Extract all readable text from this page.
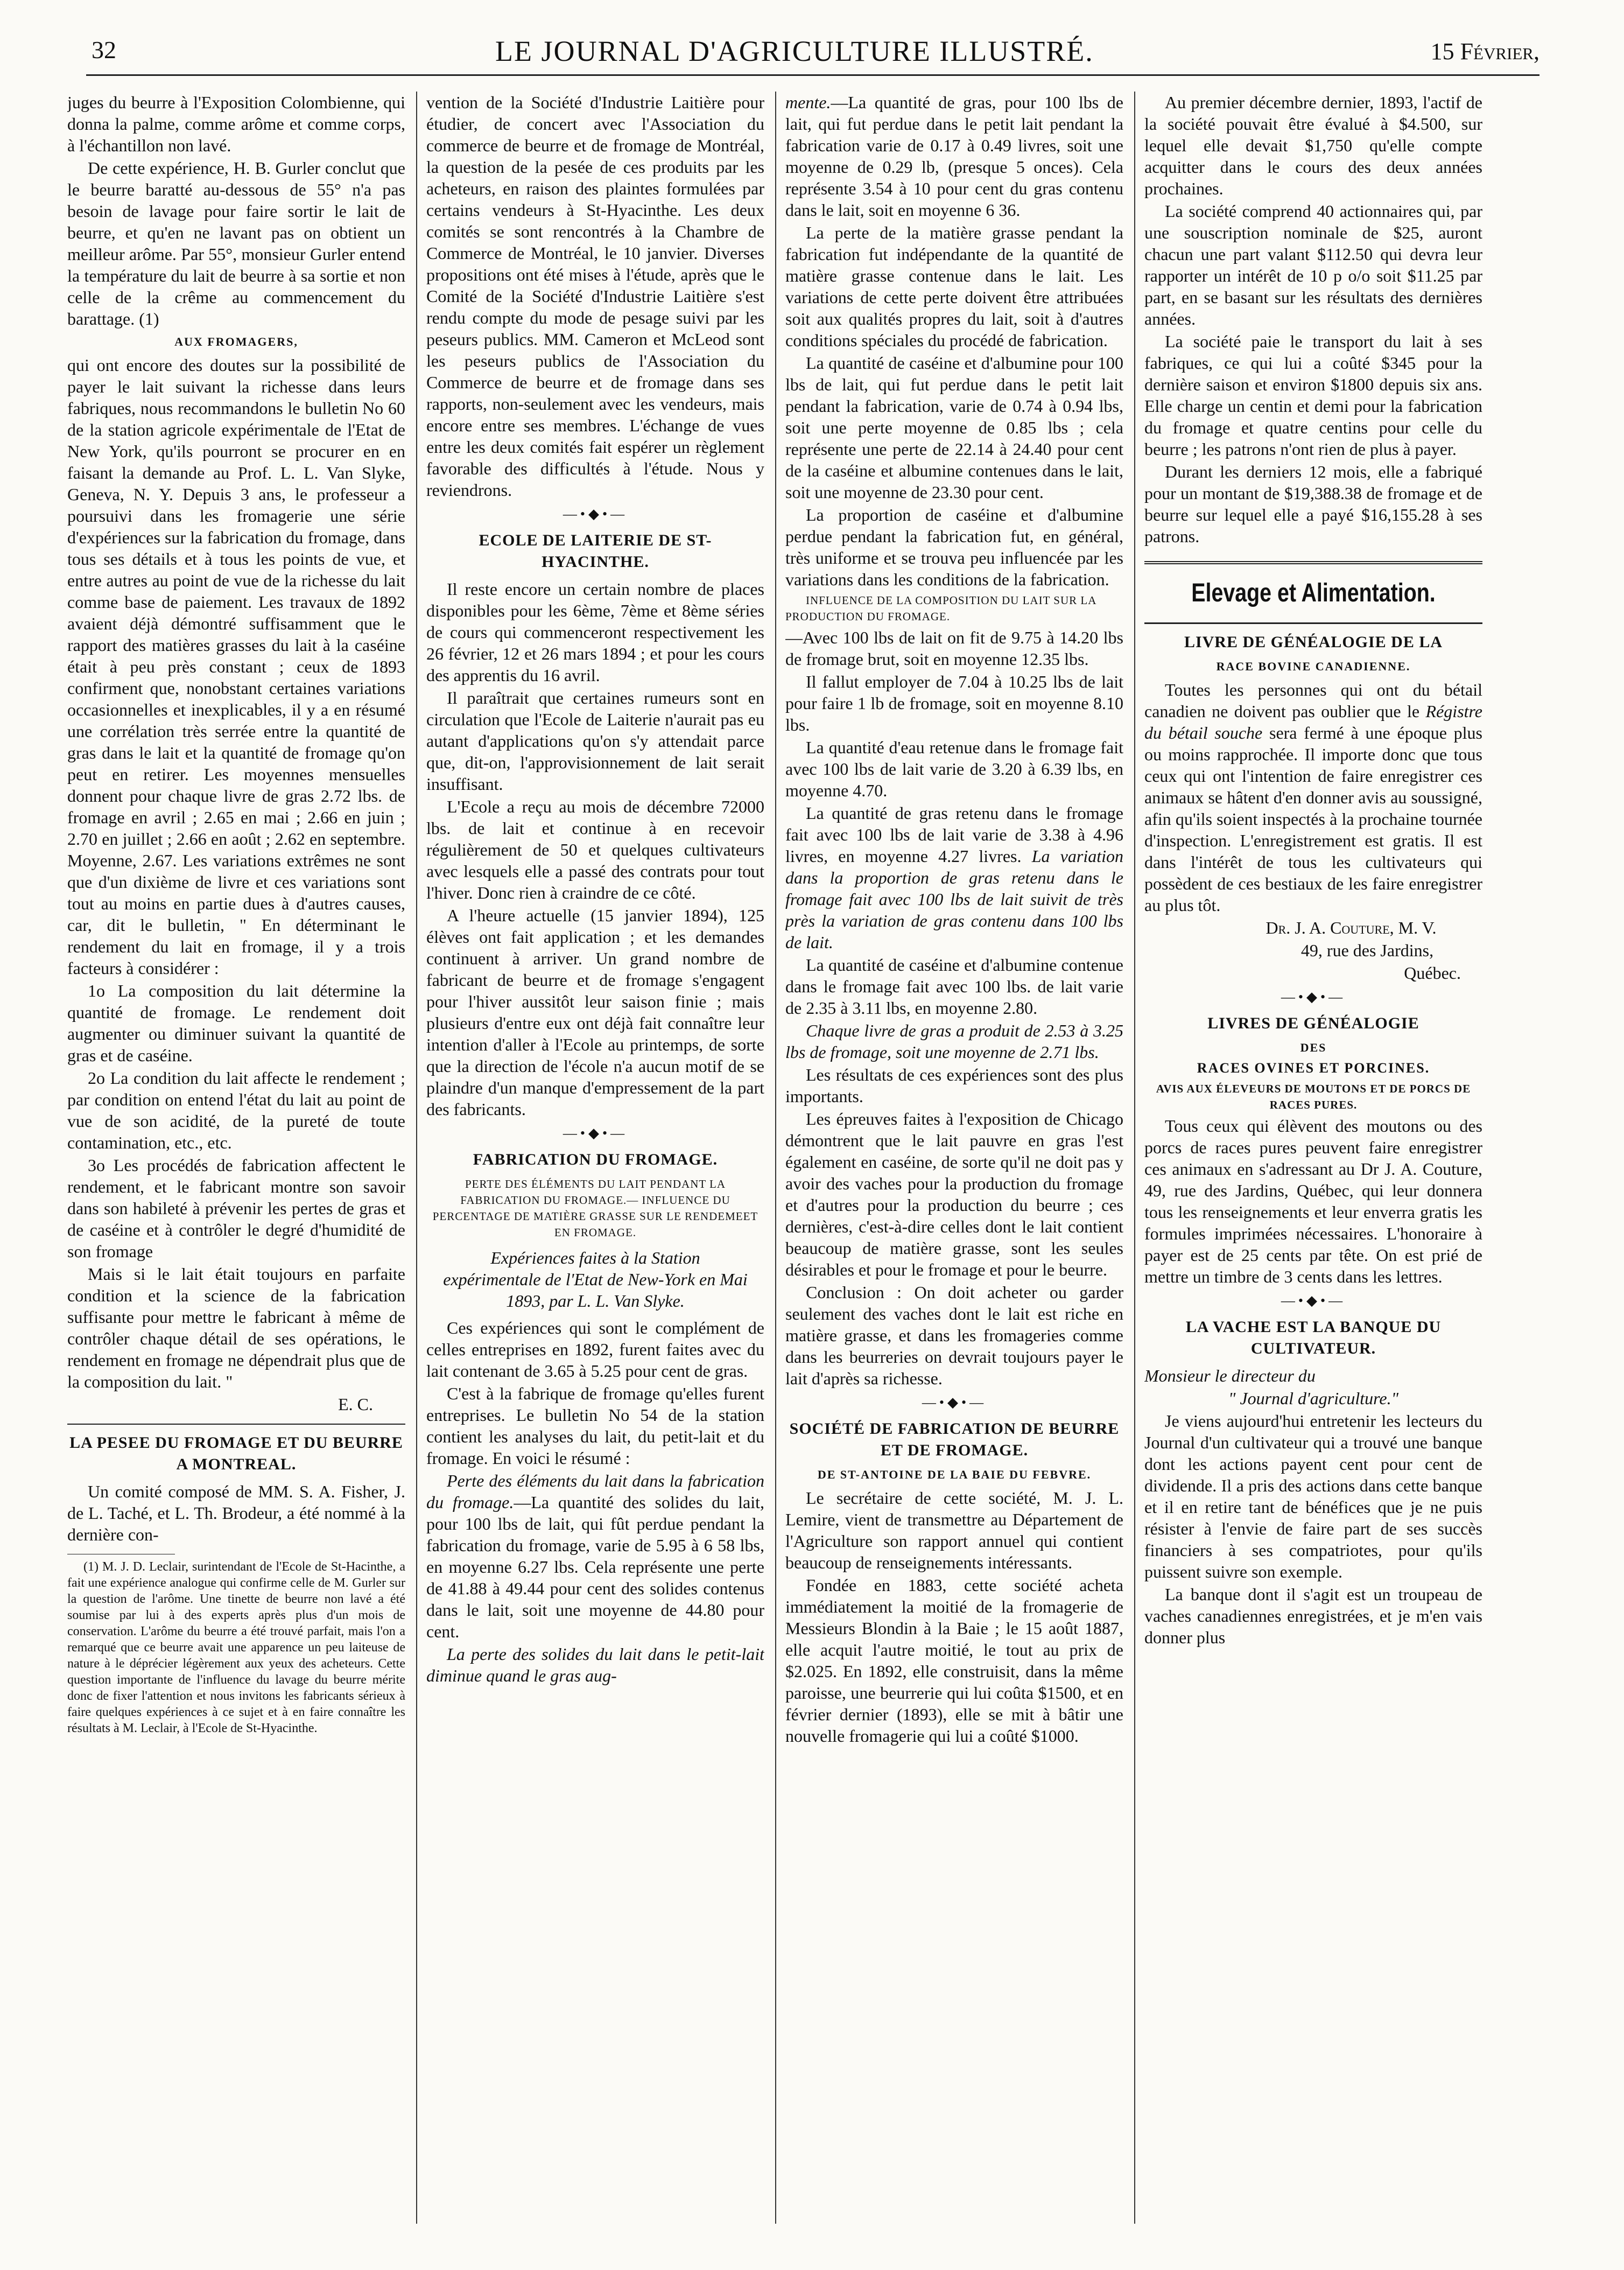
32	LE JOURNAL D'AGRICULTURE ILLUSTRÉ.	15 Février,

juges du beurre à l'Exposition Colombienne, qui donna la palme, comme arôme et comme corps, à l'échantillon non lavé.

De cette expérience, H. B. Gurler conclut que le beurre baratté au-dessous de 55° n'a pas besoin de lavage pour faire sortir le lait de beurre, et qu'en ne lavant pas on obtient un meilleur arôme. Par 55°, monsieur Gurler entend la température du lait de beurre à sa sortie et non celle de la crême au commencement du barattage. (1)

AUX FROMAGERS,

qui ont encore des doutes sur la possibilité de payer le lait suivant la richesse dans leurs fabriques, nous recommandons le bulletin No 60 de la station agricole expérimentale de l'Etat de New York, qu'ils pourront se procurer en en faisant la demande au Prof. L. L. Van Slyke, Geneva, N. Y. Depuis 3 ans, le professeur a poursuivi dans les fromagerie une série d'expériences sur la fabrication du fromage, dans tous ses détails et à tous les points de vue, et entre autres au point de vue de la richesse du lait comme base de paiement. Les travaux de 1892 avaient déjà démontré suffisamment que le rapport des matières grasses du lait à la caséine était à peu près constant ; ceux de 1893 confirment que, nonobstant certaines variations occasionnelles et inexplicables, il y a en résumé une corrélation très serrée entre la quantité de gras dans le lait et la quantité de fromage qu'on peut en retirer. Les moyennes mensuelles donnent pour chaque livre de gras 2.72 lbs. de fromage en avril ; 2.65 en mai ; 2.66 en juin ; 2.70 en juillet ; 2.66 en août ; 2.62 en septembre. Moyenne, 2.67. Les variations extrêmes ne sont que d'un dixième de livre et ces variations sont tout au moins en partie dues à d'autres causes, car, dit le bulletin, " En déterminant le rendement du lait en fromage, il y a trois facteurs à considérer :

1o La composition du lait détermine la quantité de fromage. Le rendement doit augmenter ou diminuer suivant la quantité de gras et de caséine.

2o La condition du lait affecte le rendement ; par condition on entend l'état du lait au point de vue de son acidité, de la pureté de toute contamination, etc., etc.

3o Les procédés de fabrication affectent le rendement, et le fabricant montre son savoir dans son habileté à prévenir les pertes de gras et de caséine et à contrôler le degré d'humidité de son fromage

Mais si le lait était toujours en parfaite condition et la science de la fabrication suffisante pour mettre le fabricant à même de contrôler chaque détail de ses opérations, le rendement en fromage ne dépendrait plus que de la composition du lait. "

E. C.

LA PESEE DU FROMAGE ET DU BEURRE A MONTREAL.

Un comité composé de MM. S. A. Fisher, J. de L. Taché, et L. Th. Brodeur, a été nommé à la dernière con-

(1) M. J. D. Leclair, surintendant de l'Ecole de St-Hacinthe, a fait une expérience analogue qui confirme celle de M. Gurler sur la question de l'arôme. Une tinette de beurre non lavé a été soumise par lui à des experts après plus d'un mois de conservation. L'arôme du beurre a été trouvé parfait, mais l'on a remarqué que ce beurre avait une apparence un peu laiteuse de nature à le déprécier légèrement aux yeux des acheteurs. Cette question importante de l'influence du lavage du beurre mérite donc de fixer l'attention et nous invitons les fabricants sérieux à faire quelques expériences à ce sujet et à en faire connaître les résultats à M. Leclair, à l'Ecole de St-Hyacinthe.

vention de la Société d'Industrie Laitière pour étudier, de concert avec l'Association du commerce de beurre et de fromage de Montréal, la question de la pesée de ces produits par les acheteurs, en raison des plaintes formulées par certains vendeurs à St-Hyacinthe. Les deux comités se sont rencontrés à la Chambre de Commerce de Montréal, le 10 janvier. Diverses propositions ont été mises à l'étude, après que le Comité de la Société d'Industrie Laitière s'est rendu compte du mode de pesage suivi par les peseurs publics. MM. Cameron et McLeod sont les peseurs publics de l'Association du Commerce de beurre et de fromage dans ses rapports, non-seulement avec les vendeurs, mais encore entre ses membres. L'échange de vues entre les deux comités fait espérer un règlement favorable des difficultés à l'étude. Nous y reviendrons.

—•◆•—
ECOLE DE LAITERIE DE ST-HYACINTHE.

Il reste encore un certain nombre de places disponibles pour les 6ème, 7ème et 8ème séries de cours qui commenceront respectivement les 26 février, 12 et 26 mars 1894 ; et pour les cours des apprentis du 16 avril.

Il paraîtrait que certaines rumeurs sont en circulation que l'Ecole de Laiterie n'aurait pas eu autant d'applications qu'on s'y attendait parce que, dit-on, l'approvisionnement de lait serait insuffisant.

L'Ecole a reçu au mois de décembre 72000 lbs. de lait et continue à en recevoir régulièrement de 50 et quelques cultivateurs avec lesquels elle a passé des contrats pour tout l'hiver. Donc rien à craindre de ce côté.

A l'heure actuelle (15 janvier 1894), 125 élèves ont fait application ; et les demandes continuent à arriver. Un grand nombre de fabricant de beurre et de fromage s'engagent pour l'hiver aussitôt leur saison finie ; mais plusieurs d'entre eux ont déjà fait connaître leur intention d'aller à l'Ecole au printemps, de sorte que la direction de l'école n'a aucun motif de se plaindre d'un manque d'empressement de la part des fabricants.

—•◆•—
FABRICATION DU FROMAGE.
PERTE DES ÉLÉMENTS DU LAIT PENDANT LA FABRICATION DU FROMAGE.— INFLUENCE DU PERCENTAGE DE MATIÈRE GRASSE SUR LE RENDEMEET EN FROMAGE.

Expériences faites à la Station expérimentale de l'Etat de New-York en Mai 1893, par L. L. Van Slyke.

Ces expériences qui sont le complément de celles entreprises en 1892, furent faites avec du lait contenant de 3.65 à 5.25 pour cent de gras.

C'est à la fabrique de fromage qu'elles furent entreprises. Le bulletin No 54 de la station contient les analyses du lait, du petit-lait et du fromage. En voici le résumé :

Perte des éléments du lait dans la fabrication du fromage.—La quantité des solides du lait, pour 100 lbs de lait, qui fût perdue pendant la fabrication du fromage, varie de 5.95 à 6 58 lbs, en moyenne 6.27 lbs. Cela représente une perte de 41.88 à 49.44 pour cent des solides contenus dans le lait, soit une moyenne de 44.80 pour cent.

La perte des solides du lait dans le petit-lait diminue quand le gras aug-

mente.—La quantité de gras, pour 100 lbs de lait, qui fut perdue dans le petit lait pendant la fabrication varie de 0.17 à 0.49 livres, soit une moyenne de 0.29 lb, (presque 5 onces). Cela représente 3.54 à 10 pour cent du gras contenu dans le lait, soit en moyenne 6 36.

La perte de la matière grasse pendant la fabrication fut indépendante de la quantité de matière grasse contenue dans le lait. Les variations de cette perte doivent être attribuées soit aux qualités propres du lait, soit à d'autres conditions spéciales du procédé de fabrication.

La quantité de caséine et d'albumine pour 100 lbs de lait, qui fut perdue dans le petit lait pendant la fabrication, varie de 0.74 à 0.94 lbs, soit une perte moyenne de 0.85 lbs ; cela représente une perte de 22.14 à 24.40 pour cent de la caséine et albumine contenues dans le lait, soit une moyenne de 23.30 pour cent.

La proportion de caséine et d'albumine perdue pendant la fabrication fut, en général, très uniforme et se trouva peu influencée par les variations dans les conditions de la fabrication.

INFLUENCE DE LA COMPOSITION DU LAIT SUR LA PRODUCTION DU FROMAGE.

—Avec 100 lbs de lait on fit de 9.75 à 14.20 lbs de fromage brut, soit en moyenne 12.35 lbs.

Il fallut employer de 7.04 à 10.25 lbs de lait pour faire 1 lb de fromage, soit en moyenne 8.10 lbs.

La quantité d'eau retenue dans le fromage fait avec 100 lbs de lait varie de 3.20 à 6.39 lbs, en moyenne 4.70.

La quantité de gras retenu dans le fromage fait avec 100 lbs de lait varie de 3.38 à 4.96 livres, en moyenne 4.27 livres. La variation dans la proportion de gras retenu dans le fromage fait avec 100 lbs de lait suivit de très près la variation de gras contenu dans 100 lbs de lait.

La quantité de caséine et d'albumine contenue dans le fromage fait avec 100 lbs. de lait varie de 2.35 à 3.11 lbs, en moyenne 2.80.

Chaque livre de gras a produit de 2.53 à 3.25 lbs de fromage, soit une moyenne de 2.71 lbs.

Les résultats de ces expériences sont des plus importants.

Les épreuves faites à l'exposition de Chicago démontrent que le lait pauvre en gras l'est également en caséine, de sorte qu'il ne doit pas y avoir des vaches pour la production du fromage et d'autres pour la production du beurre ; ces dernières, c'est-à-dire celles dont le lait contient beaucoup de matière grasse, sont les seules désirables et pour le fromage et pour le beurre.

Conclusion : On doit acheter ou garder seulement des vaches dont le lait est riche en matière grasse, et dans les fromageries comme dans les beurreries on devrait toujours payer le lait d'après sa richesse.

—•◆•—
SOCIÉTÉ DE FABRICATION DE BEURRE ET DE FROMAGE.
DE ST-ANTOINE DE LA BAIE DU FEBVRE.

Le secrétaire de cette société, M. J. L. Lemire, vient de transmettre au Département de l'Agriculture son rapport annuel qui contient beaucoup de renseignements intéressants.

Fondée en 1883, cette société acheta immédiatement la moitié de la fromagerie de Messieurs Blondin à la Baie ; le 15 août 1887, elle acquit l'autre moitié, le tout au prix de $2.025. En 1892, elle construisit, dans la même paroisse, une beurrerie qui lui coûta $1500, et en février dernier (1893), elle se mit à bâtir une nouvelle fromagerie qui lui a coûté $1000.

Au premier décembre dernier, 1893, l'actif de la société pouvait être évalué à $4.500, sur lequel elle devait $1,750 qu'elle compte acquitter dans le cours des deux années prochaines.

La société comprend 40 actionnaires qui, par une souscription nominale de $25, auront chacun une part valant $112.50 qui devra leur rapporter un intérêt de 10 p o/o soit $11.25 par part, en se basant sur les résultats des dernières années.

La société paie le transport du lait à ses fabriques, ce qui lui a coûté $345 pour la dernière saison et environ $1800 depuis six ans. Elle charge un centin et demi pour la fabrication du fromage et quatre centins pour celle du beurre ; les patrons n'ont rien de plus à payer.

Durant les derniers 12 mois, elle a fabriqué pour un montant de $19,388.38 de fromage et de beurre sur lequel elle a payé $16,155.28 à ses patrons.

Elevage et Alimentation.
LIVRE DE GÉNÉALOGIE DE LA
RACE BOVINE CANADIENNE.

Toutes les personnes qui ont du bétail canadien ne doivent pas oublier que le Régistre du bétail souche sera fermé à une époque plus ou moins rapprochée. Il importe donc que tous ceux qui ont l'intention de faire enregistrer ces animaux se hâtent d'en donner avis au soussigné, afin qu'ils soient inspectés à la prochaine tournée d'inspection. L'enregistrement est gratis. Il est dans l'intérêt de tous les cultivateurs qui possèdent de ces bestiaux de les faire enregistrer au plus tôt.

Dr. J. A. Couture, M. V.

49, rue des Jardins,

Québec.

—•◆•—
LIVRES DE GÉNÉALOGIE
DES
RACES OVINES ET PORCINES.
AVIS AUX ÉLEVEURS DE MOUTONS ET DE PORCS DE RACES PURES.

Tous ceux qui élèvent des moutons ou des porcs de races pures peuvent faire enregistrer ces animaux en s'adressant au Dr J. A. Couture, 49, rue des Jardins, Québec, qui leur donnera tous les renseignements et leur enverra gratis les formules imprimées nécessaires. L'honoraire à payer est de 25 cents par tête. On est prié de mettre un timbre de 3 cents dans les lettres.

—•◆•—
LA VACHE EST LA BANQUE DU CULTIVATEUR.

Monsieur le directeur du

" Journal d'agriculture."

Je viens aujourd'hui entretenir les lecteurs du Journal d'un cultivateur qui a trouvé une banque dont les actions payent cent pour cent de dividende. Il a pris des actions dans cette banque et il en retire tant de bénéfices que je ne puis résister à l'envie de faire part de ses succès financiers à ses compatriotes, pour qu'ils puissent suivre son exemple.

La banque dont il s'agit est un troupeau de vaches canadiennes enregistrées, et je m'en vais donner plus
